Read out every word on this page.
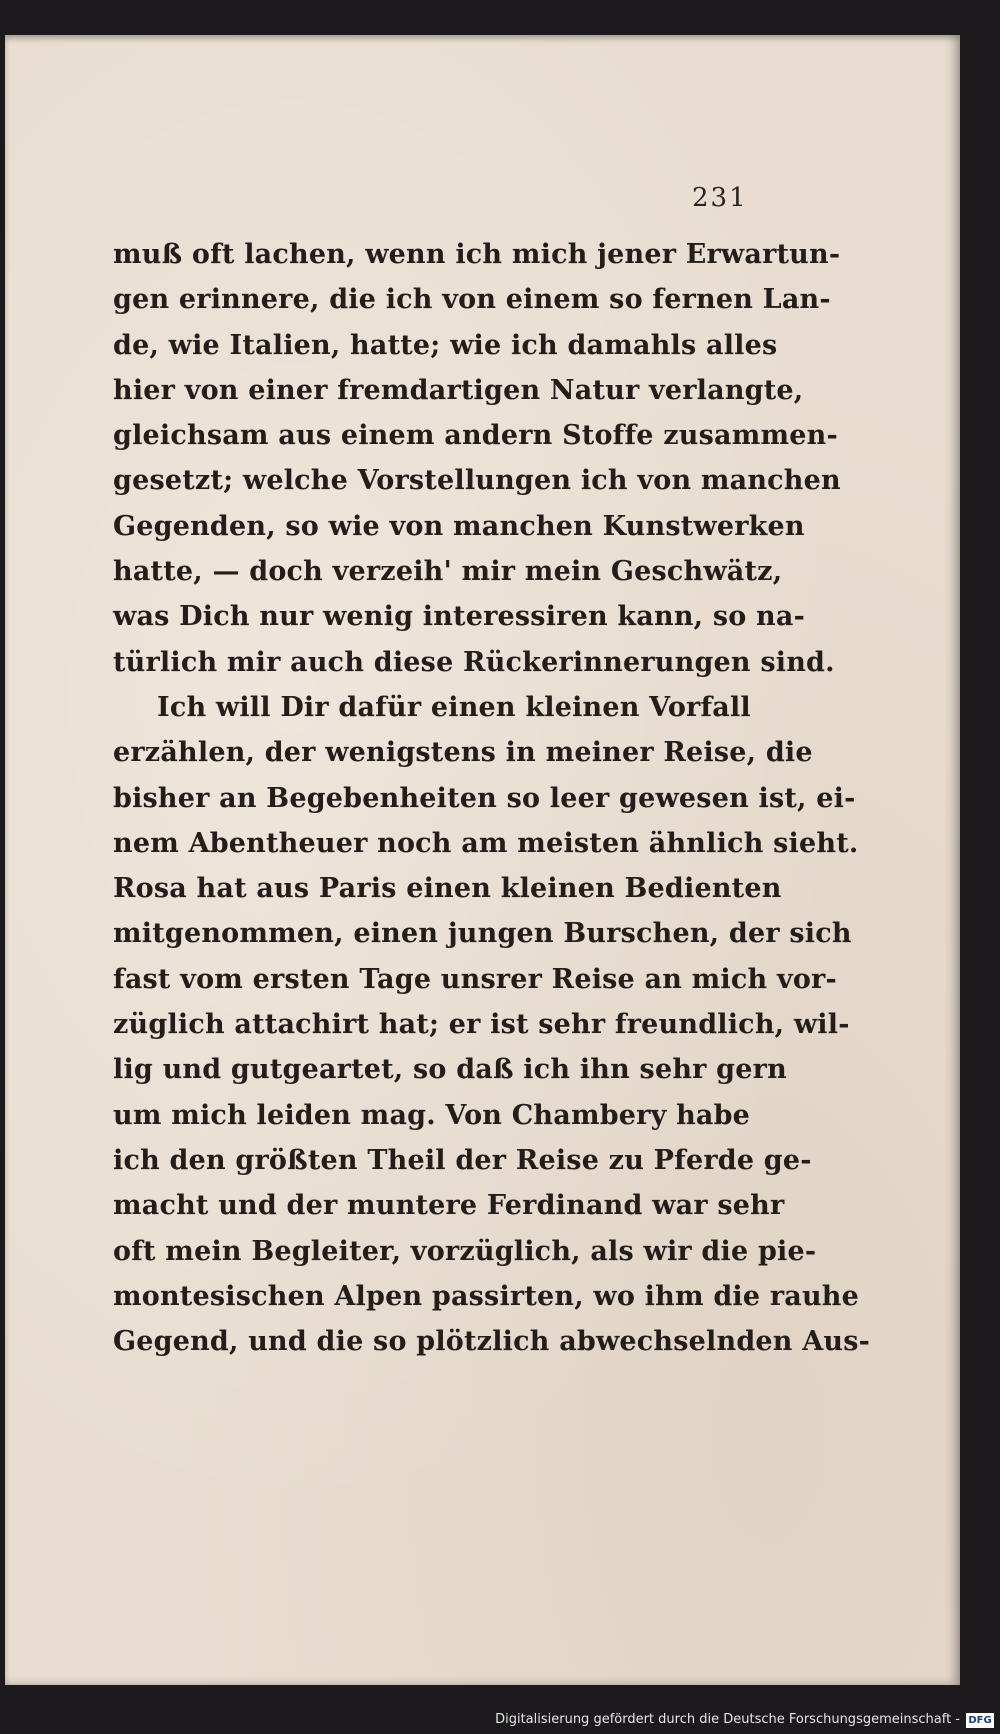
231
muß oft lachen, wenn ich mich jener Erwartun-
gen erinnere, die ich von einem so fernen Lan-
de, wie Italien, hatte; wie ich damahls alles
hier von einer fremdartigen Natur verlangte,
gleichsam aus einem andern Stoffe zusammen-
gesetzt; welche Vorstellungen ich von manchen
Gegenden, so wie von manchen Kunstwerken
hatte, — doch verzeih' mir mein Geschwätz,
was Dich nur wenig interessiren kann, so na-
türlich mir auch diese Rückerinnerungen sind.
Ich will Dir dafür einen kleinen Vorfall
erzählen, der wenigstens in meiner Reise, die
bisher an Begebenheiten so leer gewesen ist, ei-
nem Abentheuer noch am meisten ähnlich sieht.
Rosa hat aus Paris einen kleinen Bedienten
mitgenommen, einen jungen Burschen, der sich
fast vom ersten Tage unsrer Reise an mich vor-
züglich attachirt hat; er ist sehr freundlich, wil-
lig und gutgeartet, so daß ich ihn sehr gern
um mich leiden mag. Von Chambery habe
ich den größten Theil der Reise zu Pferde ge-
macht und der muntere Ferdinand war sehr
oft mein Begleiter, vorzüglich, als wir die pie-
montesischen Alpen passirten, wo ihm die rauhe
Gegend, und die so plötzlich abwechselnden Aus-
Digitalisierung gefördert durch die Deutsche Forschungsgemeinschaft - DFG
